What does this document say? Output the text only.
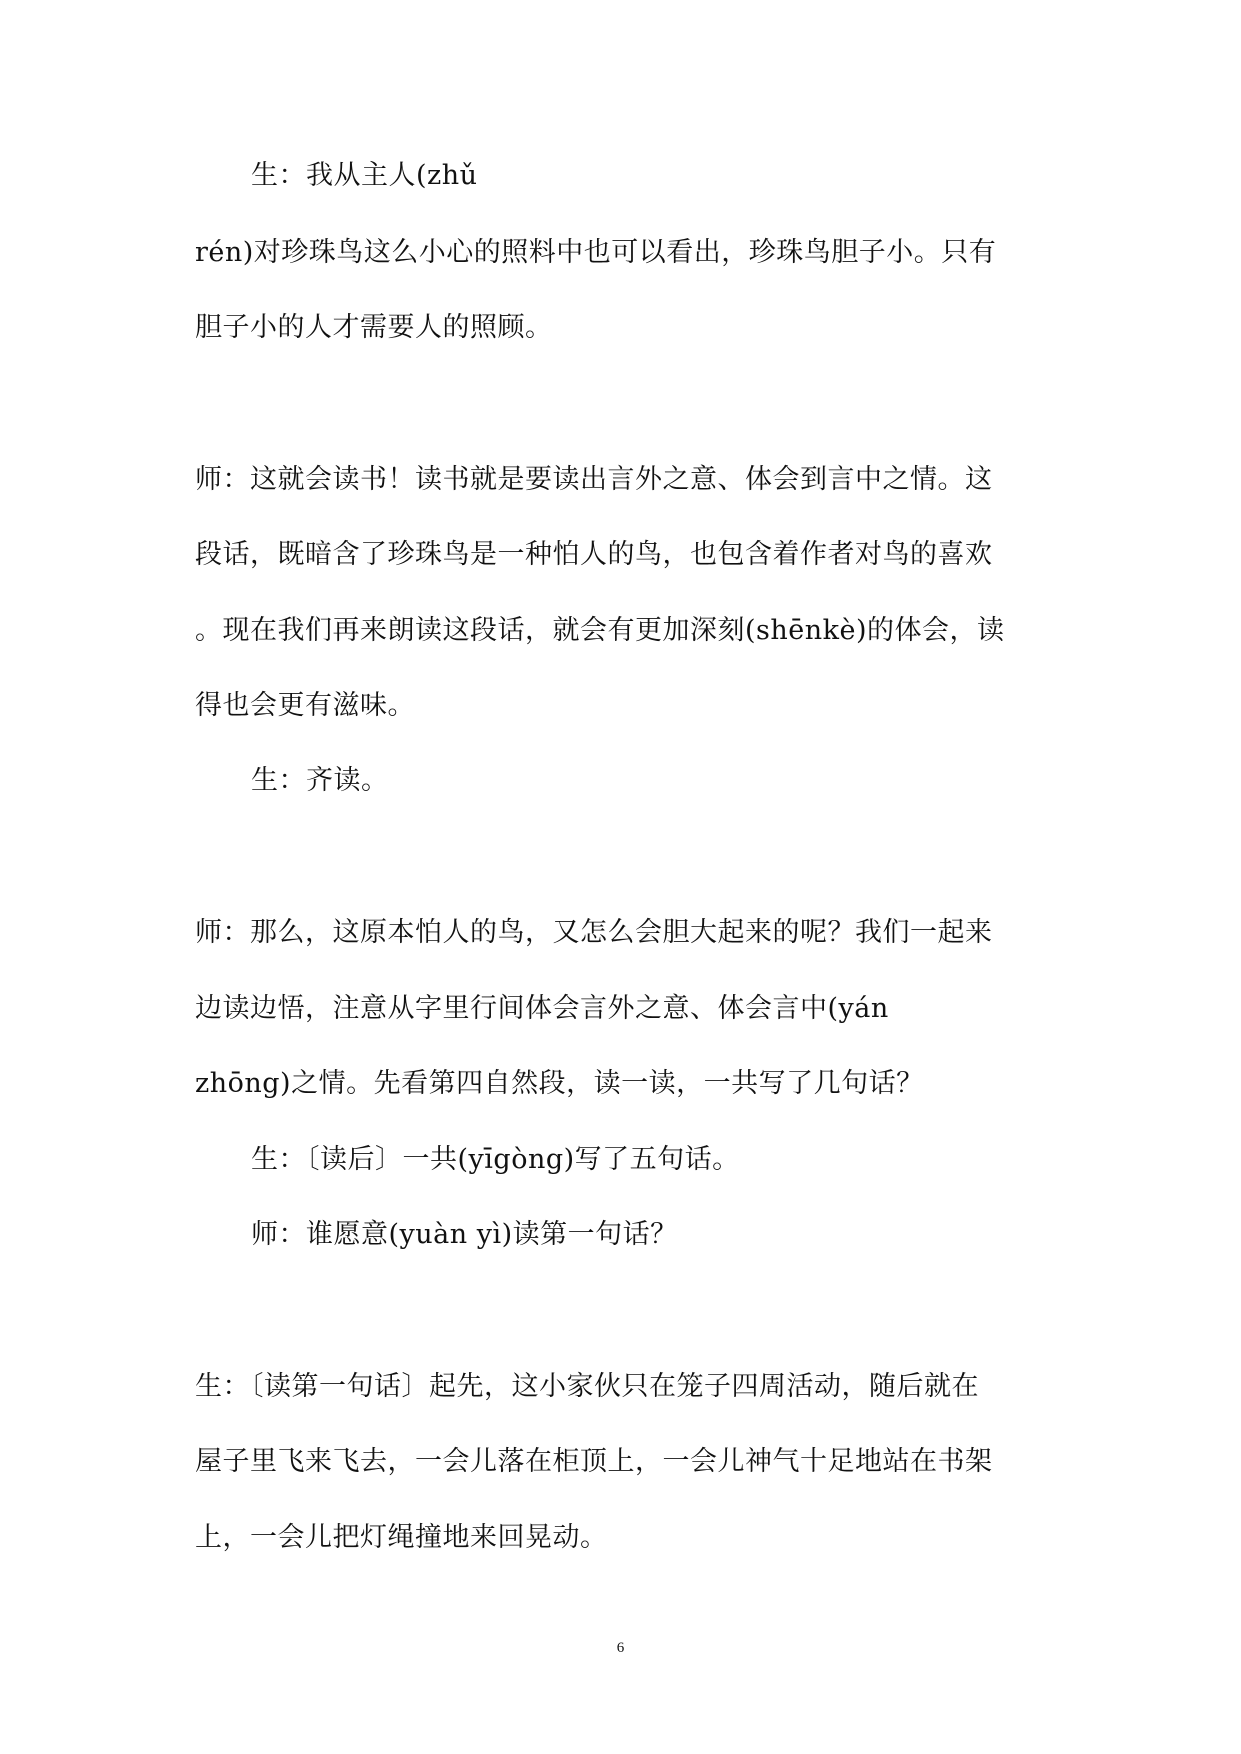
生：我从主人(zhǔ
rén)对珍珠鸟这么小心的照料中也可以看出，珍珠鸟胆子小。只有
胆子小的人才需要人的照顾。
师：这就会读书！读书就是要读出言外之意、体会到言中之情。这
段话，既暗含了珍珠鸟是一种怕人的鸟，也包含着作者对鸟的喜欢
。现在我们再来朗读这段话，就会有更加深刻(shēnkè)的体会，读
得也会更有滋味。
生：齐读。
师：那么，这原本怕人的鸟，又怎么会胆大起来的呢？我们一起来
边读边悟，注意从字里行间体会言外之意、体会言中(yán
zhōng)之情。先看第四自然段，读一读，一共写了几句话？
生：〔读后〕一共(yīgòng)写了五句话。
师：谁愿意(yuàn yì)读第一句话？
生：〔读第一句话〕起先，这小家伙只在笼子四周活动，随后就在
屋子里飞来飞去，一会儿落在柜顶上，一会儿神气十足地站在书架
上，一会儿把灯绳撞地来回晃动。
6
